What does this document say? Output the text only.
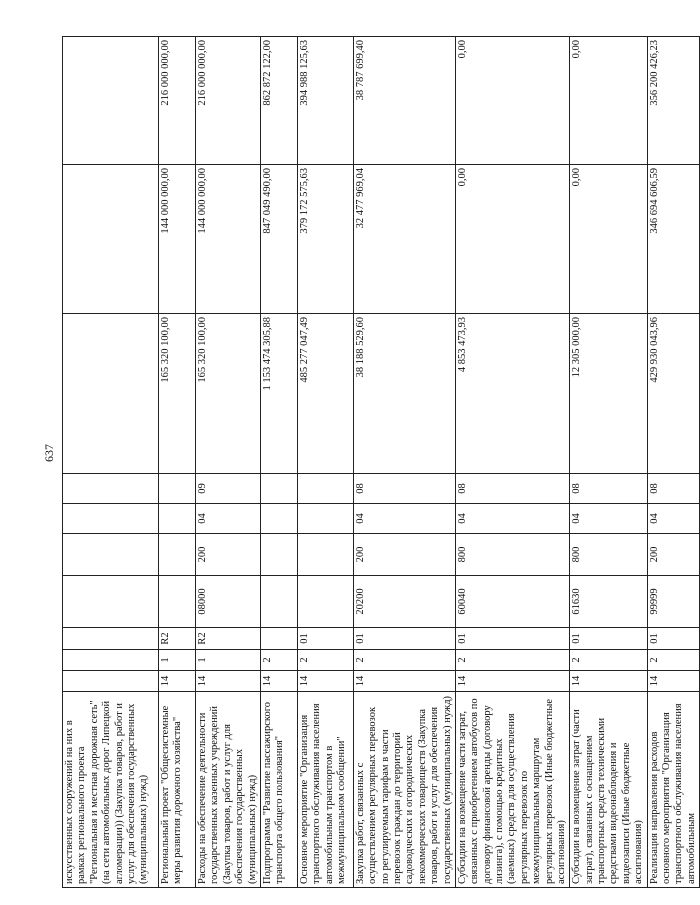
637
искусственных сооружений на них в рамках регионального проекта "Региональная и местная дорожная сеть" (на сети автомобильных дорог Липецкой агломерации)) (Закупка товаров, работ и услуг для обеспечения государственных (муниципальных) нужд)										
Региональный проект "Общесистемные меры развития дорожного хозяйства"	14	1	R2					165 320 100,00	144 000 000,00	216 000 000,00
Расходы на обеспечение деятельности государственных казенных учреждений (Закупка товаров, работ и услуг для обеспечения государственных (муниципальных) нужд)	14	1	R2	08000	200	04	09	165 320 100,00	144 000 000,00	216 000 000,00
Подпрограмма "Развитие пассажирского транспорта общего пользования"	14	2						1 153 474 305,88	847 049 490,00	862 872 122,00
Основное мероприятие "Организация транспортного обслуживания населения автомобильным транспортом в межмуниципальном сообщении"	14	2	01					485 277 047,49	379 172 575,63	394 988 125,63
Закупка работ, связанных с осуществлением регулярных перевозок по регулируемым тарифам в части перевозок граждан до территорий садоводческих и огороднических некоммерческих товариществ (Закупка товаров, работ и услуг для обеспечения государственных (муниципальных) нужд)	14	2	01	20200	200	04	08	38 188 529,60	32 477 969,04	38 787 699,40
Субсидии на возмещение части затрат, связанных с приобретением автобусов по договору финансовой аренды (договору лизинга), с помощью кредитных (заемных) средств для осуществления регулярных перевозок по межмуниципальным маршрутам регулярных перевозок (Иные бюджетные ассигнования)	14	2	01	60040	800	04	08	4 853 473,93	0,00	0,00
Субсидии на возмещение затрат (части затрат), связанных с оснащением транспортных средств техническими средствами видеонаблюдения и видеозаписи (Иные бюджетные ассигнования)	14	2	01	61630	800	04	08	12 305 000,00	0,00	0,00
Реализация направления расходов основного мероприятия "Организация транспортного обслуживания населения автомобильным	14	2	01	99999	200	04	08	429 930 043,96	346 694 606,59	356 200 426,23
